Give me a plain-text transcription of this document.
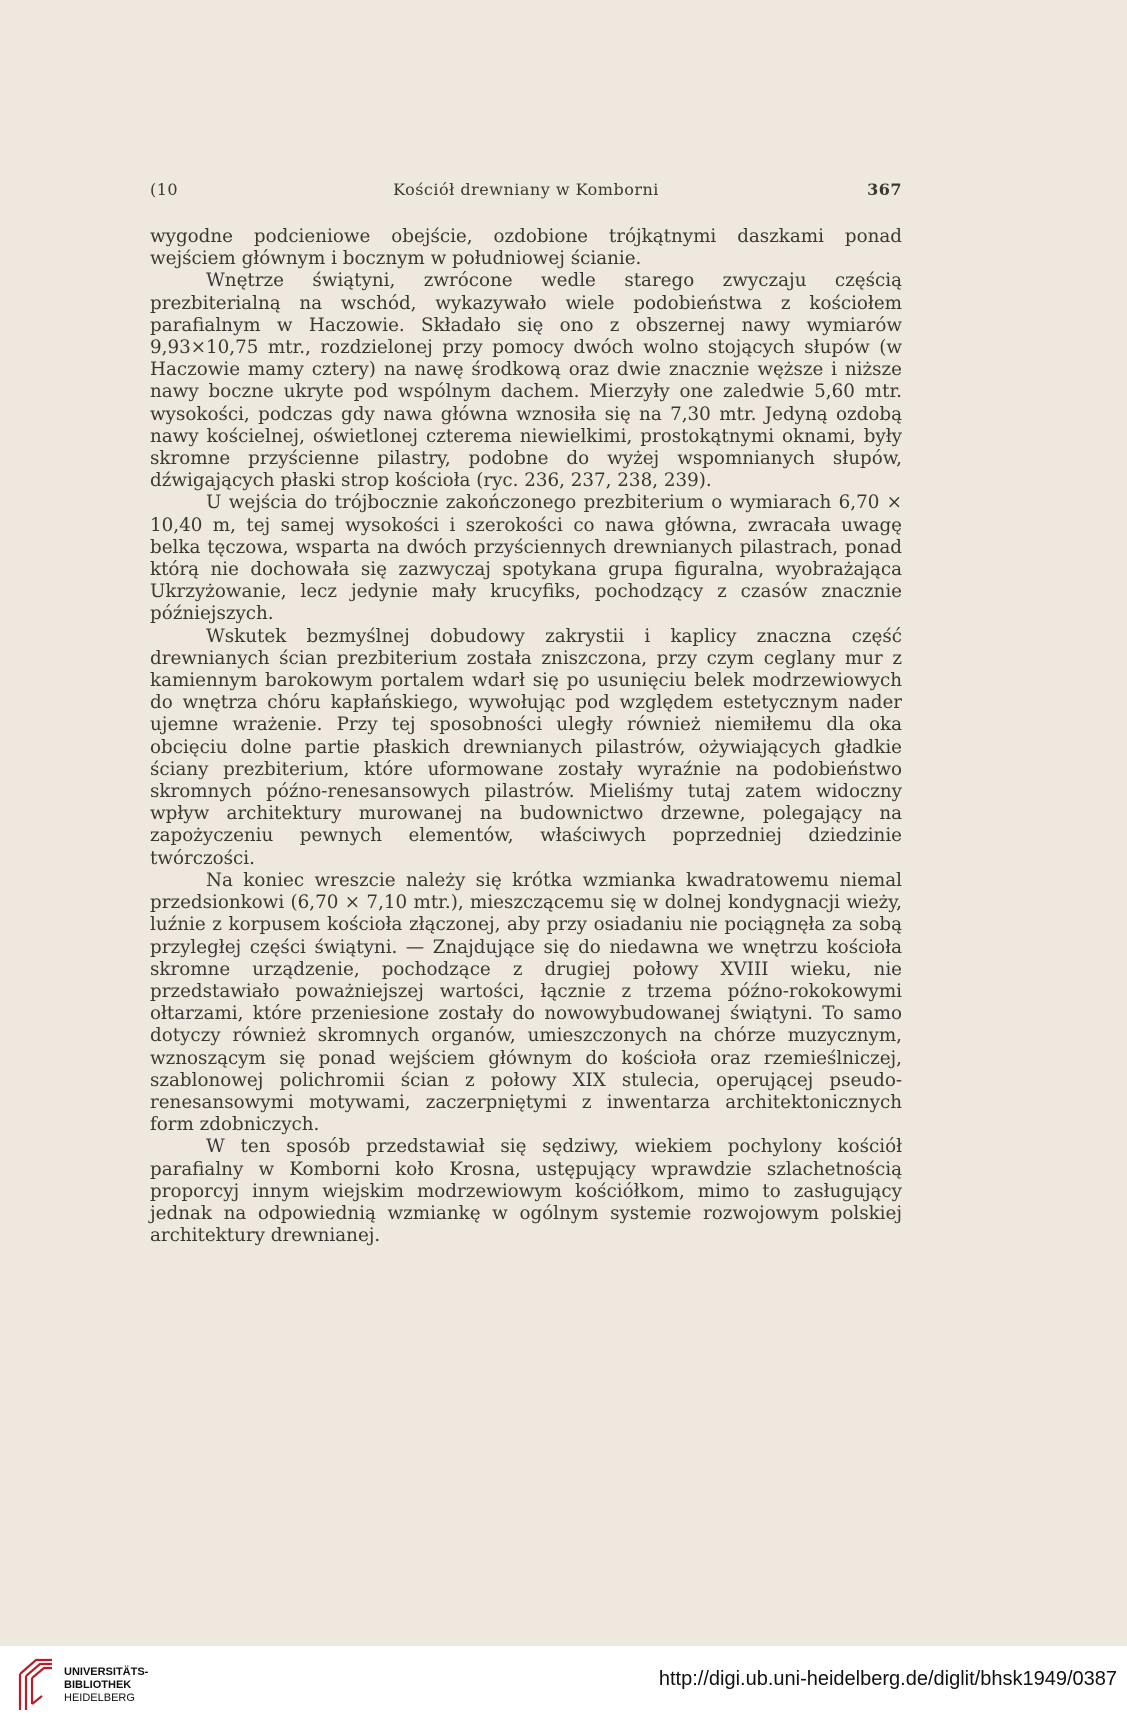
(10	Kościół drewniany w Komborni	367

wygodne podcieniowe obejście, ozdobione trójkątnymi daszkami ponad wejściem głównym i bocznym w południowej ścianie.

Wnętrze świątyni, zwrócone wedle starego zwyczaju częścią prezbiterialną na wschód, wykazywało wiele podobieństwa z kościołem parafialnym w Haczowie. Składało się ono z obszernej nawy wymiarów 9,93×10,75 mtr., rozdzielonej przy pomocy dwóch wolno stojących słupów (w Haczowie mamy cztery) na nawę środkową oraz dwie znacznie węższe i niższe nawy boczne ukryte pod wspólnym dachem. Mierzyły one zaledwie 5,60 mtr. wysokości, podczas gdy nawa główna wznosiła się na 7,30 mtr. Jedyną ozdobą nawy kościelnej, oświetlonej czterema niewielkimi, prostokątnymi oknami, były skromne przyścienne pilastry, podobne do wyżej wspomnianych słupów, dźwigających płaski strop kościoła (ryc. 236, 237, 238, 239).

U wejścia do trójbocznie zakończonego prezbiterium o wymiarach 6,70 × 10,40 m, tej samej wysokości i szerokości co nawa główna, zwracała uwagę belka tęczowa, wsparta na dwóch przyściennych drewnianych pilastrach, ponad którą nie dochowała się zazwyczaj spotykana grupa figuralna, wyobrażająca Ukrzyżowanie, lecz jedynie mały krucyfiks, pochodzący z czasów znacznie późniejszych.

Wskutek bezmyślnej dobudowy zakrystii i kaplicy znaczna część drewnianych ścian prezbiterium została zniszczona, przy czym ceglany mur z kamiennym barokowym portalem wdarł się po usunięciu belek modrzewiowych do wnętrza chóru kapłańskiego, wywołując pod względem estetycznym nader ujemne wrażenie. Przy tej sposobności uległy również niemiłemu dla oka obcięciu dolne partie płaskich drewnianych pilastrów, ożywiających gładkie ściany prezbiterium, które uformowane zostały wyraźnie na podobieństwo skromnych późno-renesansowych pilastrów. Mieliśmy tutaj zatem widoczny wpływ architektury murowanej na budownictwo drzewne, polegający na zapożyczeniu pewnych elementów, właściwych poprzedniej dziedzinie twórczości.

Na koniec wreszcie należy się krótka wzmianka kwadratowemu niemal przedsionkowi (6,70 × 7,10 mtr.), mieszczącemu się w dolnej kondygnacji wieży, luźnie z korpusem kościoła złączonej, aby przy osiadaniu nie pociągnęła za sobą przyległej części świątyni. — Znajdujące się do niedawna we wnętrzu kościoła skromne urządzenie, pochodzące z drugiej połowy XVIII wieku, nie przedstawiało poważniejszej wartości, łącznie z trzema późno-rokokowymi ołtarzami, które przeniesione zostały do nowowybudowanej świątyni. To samo dotyczy również skromnych organów, umieszczonych na chórze muzycznym, wznoszącym się ponad wejściem głównym do kościoła oraz rzemieślniczej, szablonowej polichromii ścian z połowy XIX stulecia, operującej pseudo-renesansowymi motywami, zaczerpniętymi z inwentarza architektonicznych form zdobniczych.

W ten sposób przedstawiał się sędziwy, wiekiem pochylony kościół parafialny w Komborni koło Krosna, ustępujący wprawdzie szlachetnością proporcyj innym wiejskim modrzewiowym kościółkom, mimo to zasługujący jednak na odpowiednią wzmiankę w ogólnym systemie rozwojowym polskiej architektury drewnianej.

UNIVERSITÄTS-
BIBLIOTHEK
HEIDELBERG
http://digi.ub.uni-heidelberg.de/diglit/bhsk1949/0387
